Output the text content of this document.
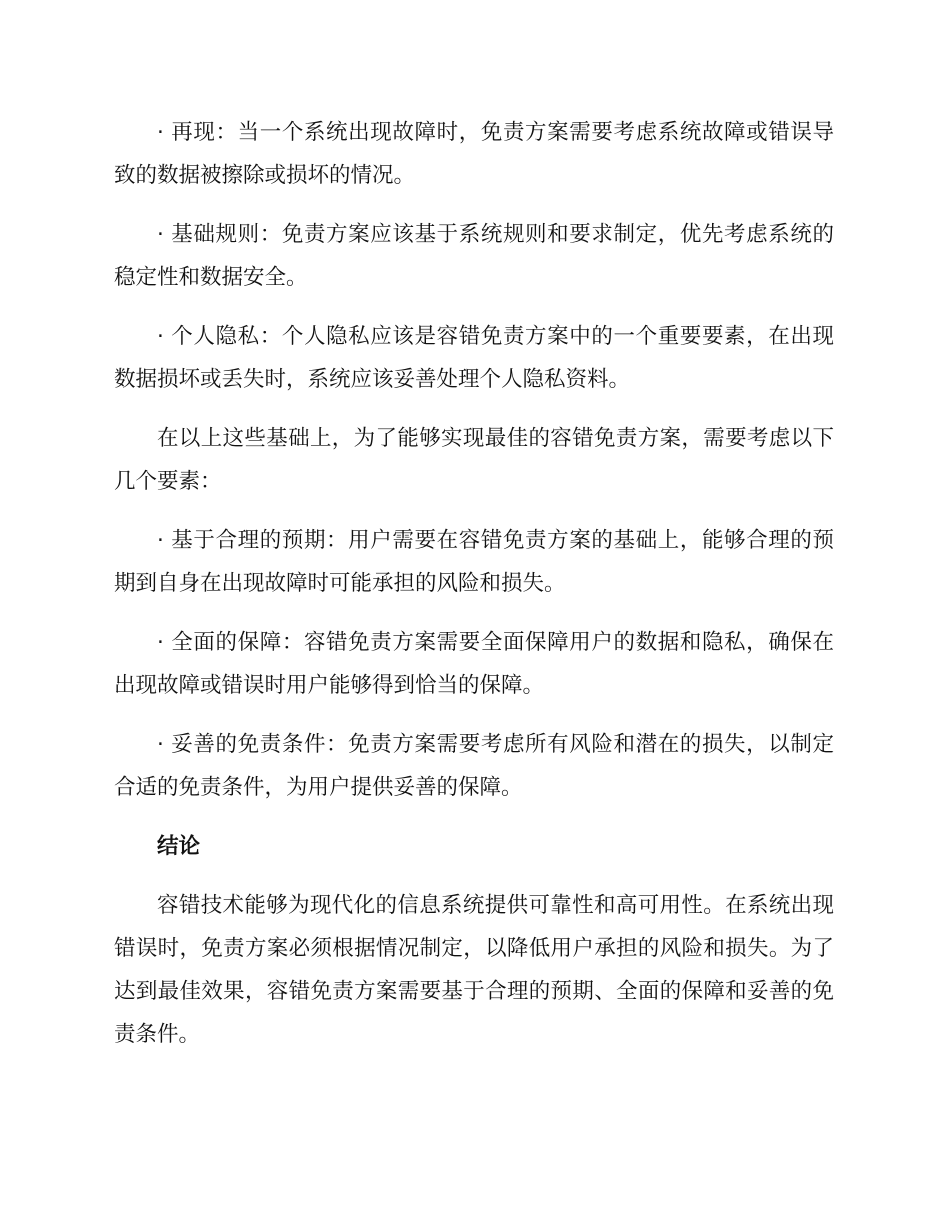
· 再现：当一个系统出现故障时，免责方案需要考虑系统故障或错误导致的数据被擦除或损坏的情况。

· 基础规则：免责方案应该基于系统规则和要求制定，优先考虑系统的稳定性和数据安全。

· 个人隐私：个人隐私应该是容错免责方案中的一个重要要素，在出现数据损坏或丢失时，系统应该妥善处理个人隐私资料。

在以上这些基础上，为了能够实现最佳的容错免责方案，需要考虑以下几个要素：

· 基于合理的预期：用户需要在容错免责方案的基础上，能够合理的预期到自身在出现故障时可能承担的风险和损失。

· 全面的保障：容错免责方案需要全面保障用户的数据和隐私，确保在出现故障或错误时用户能够得到恰当的保障。

· 妥善的免责条件：免责方案需要考虑所有风险和潜在的损失，以制定合适的免责条件，为用户提供妥善的保障。

结论

容错技术能够为现代化的信息系统提供可靠性和高可用性。在系统出现错误时，免责方案必须根据情况制定，以降低用户承担的风险和损失。为了达到最佳效果，容错免责方案需要基于合理的预期、全面的保障和妥善的免责条件。
